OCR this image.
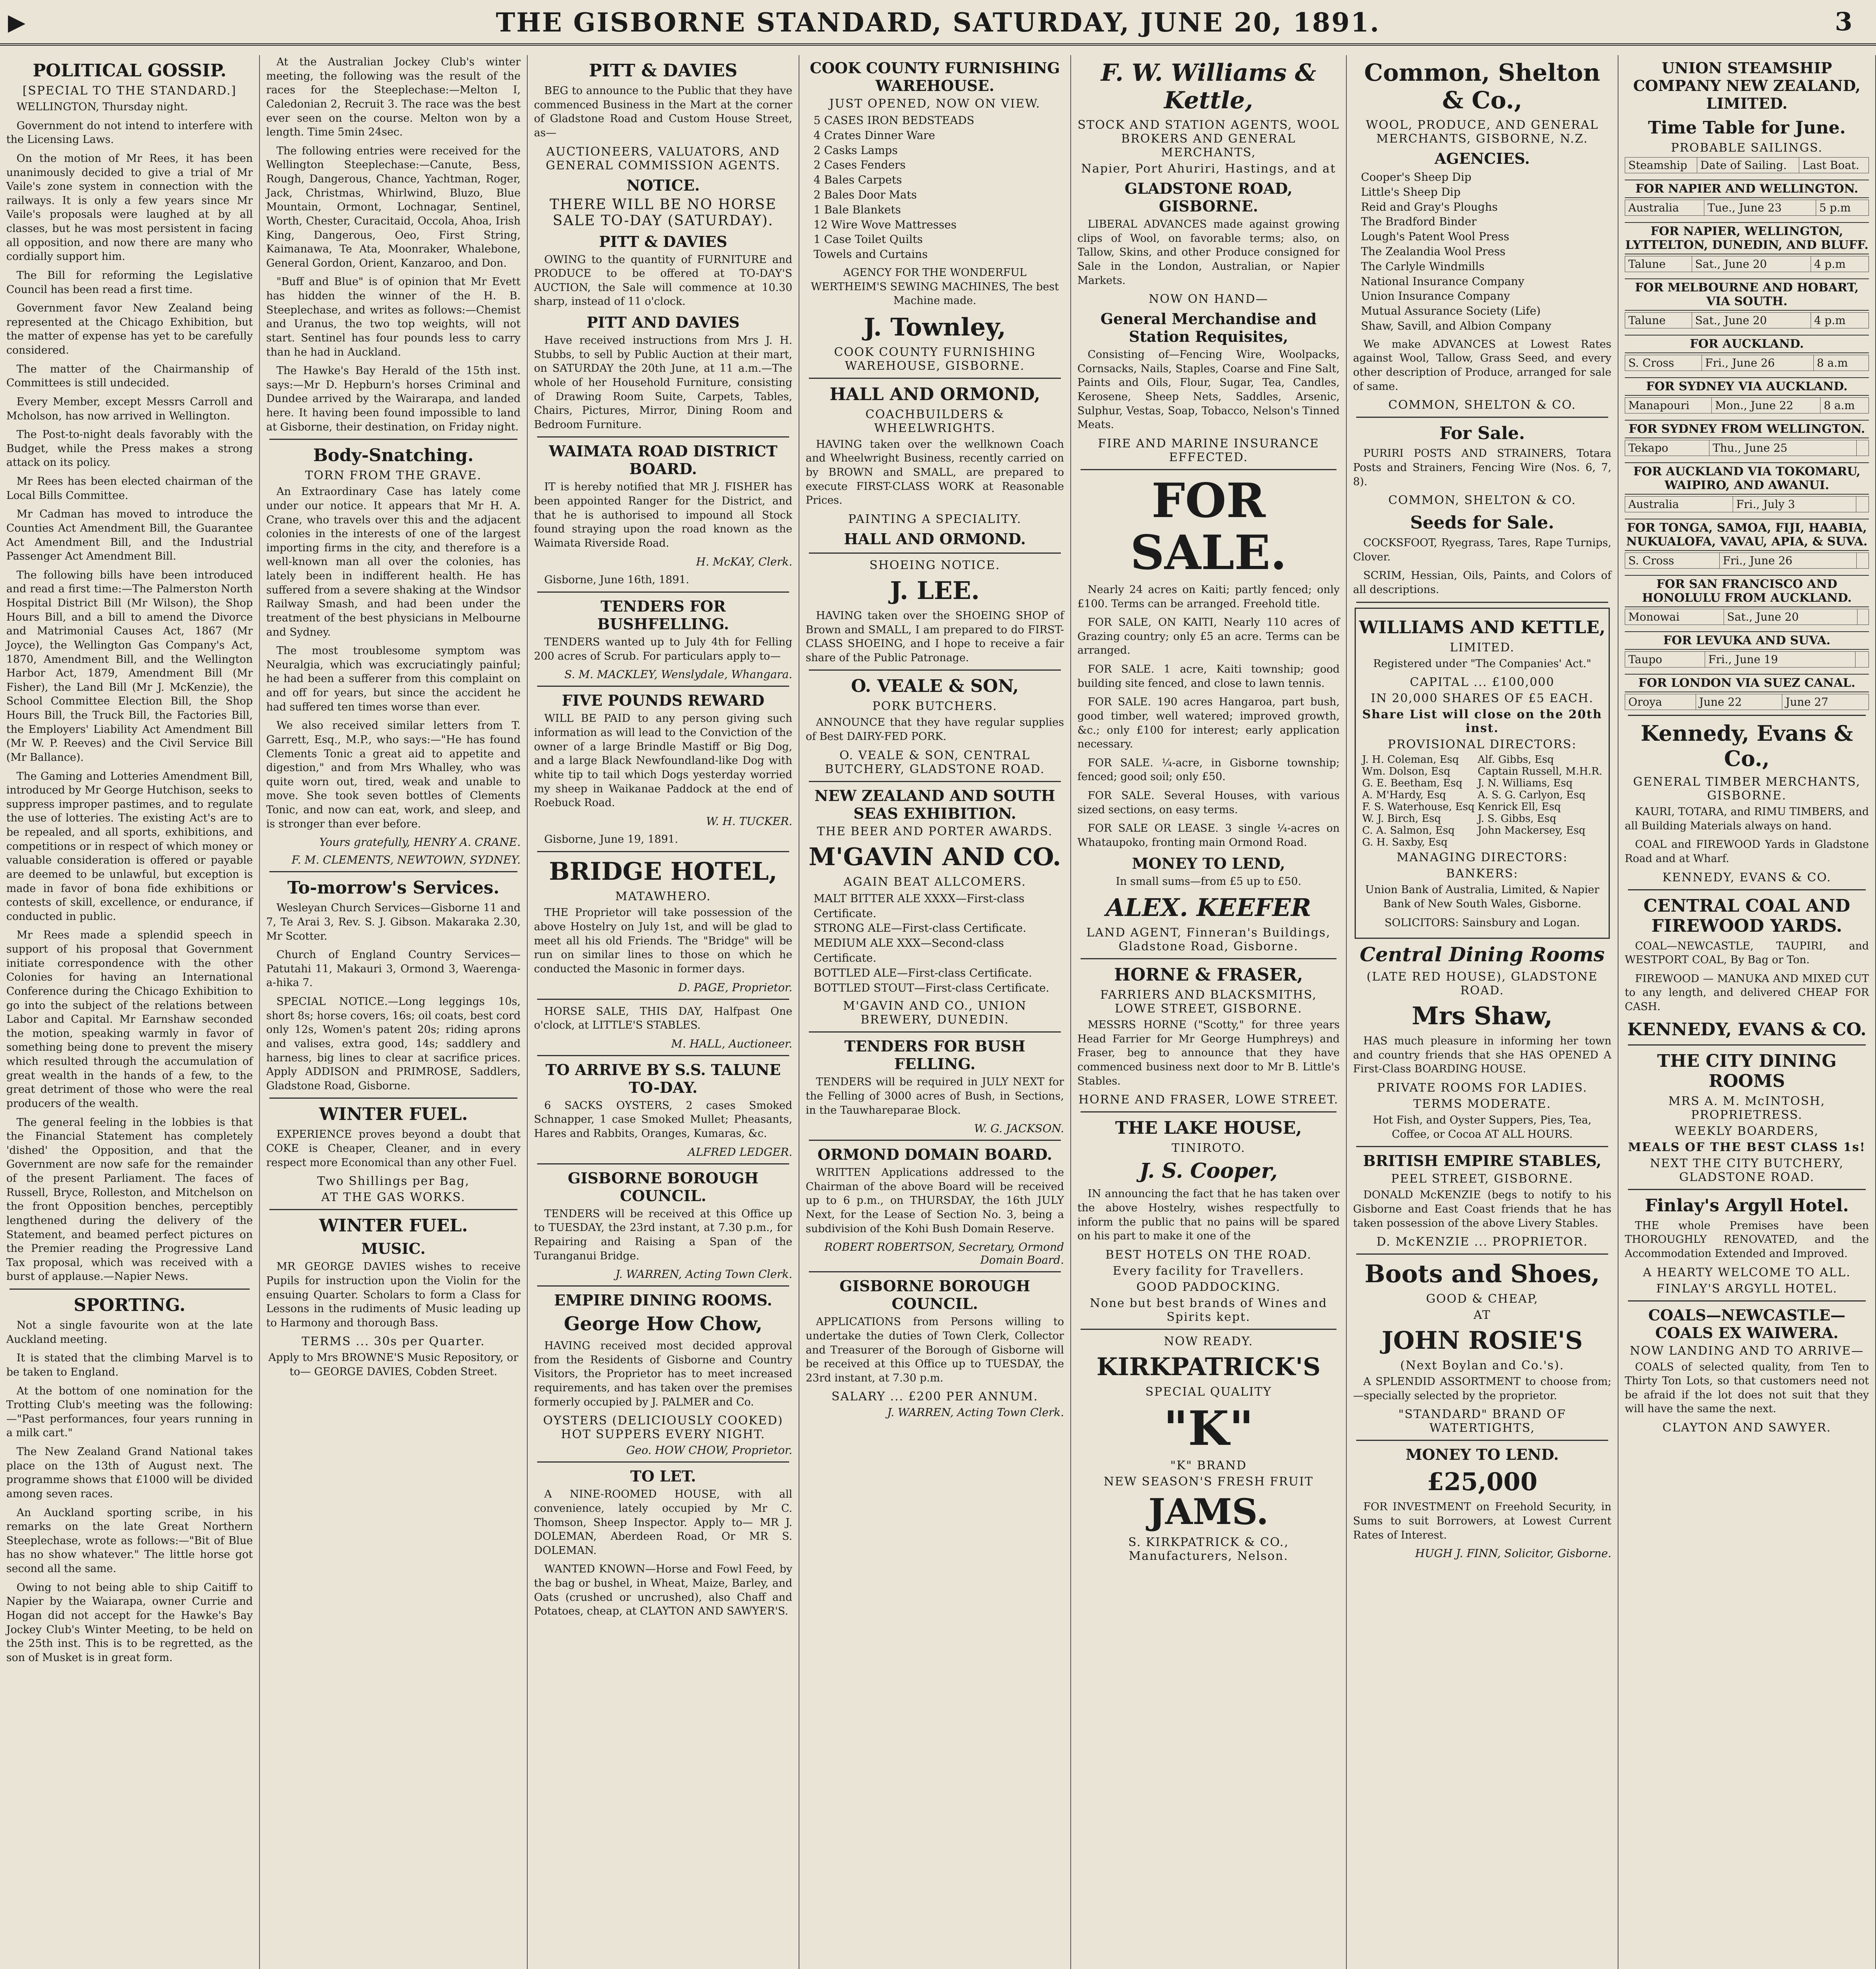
▶	THE GISBORNE STANDARD, SATURDAY, JUNE 20, 1891.	3
POLITICAL GOSSIP.
[SPECIAL TO THE STANDARD.]

WELLINGTON, Thursday night.

Government do not intend to interfere with the Licensing Laws.

On the motion of Mr Rees, it has been unanimously decided to give a trial of Mr Vaile's zone system in connection with the railways. It is only a few years since Mr Vaile's proposals were laughed at by all classes, but he was most persistent in facing all opposition, and now there are many who cordially support him.

The Bill for reforming the Legislative Council has been read a first time.

Government favor New Zealand being represented at the Chicago Exhibition, but the matter of expense has yet to be carefully considered.

The matter of the Chairmanship of Committees is still undecided.

Every Member, except Messrs Carroll and Mcholson, has now arrived in Wellington.

The Post-to-night deals favorably with the Budget, while the Press makes a strong attack on its policy.

Mr Rees has been elected chairman of the Local Bills Committee.

Mr Cadman has moved to introduce the Counties Act Amendment Bill, the Guarantee Act Amendment Bill, and the Industrial Passenger Act Amendment Bill.

The following bills have been introduced and read a first time:—The Palmerston North Hospital District Bill (Mr Wilson), the Shop Hours Bill, and a bill to amend the Divorce and Matrimonial Causes Act, 1867 (Mr Joyce), the Wellington Gas Company's Act, 1870, Amendment Bill, and the Wellington Harbor Act, 1879, Amendment Bill (Mr Fisher), the Land Bill (Mr J. McKenzie), the School Committee Election Bill, the Shop Hours Bill, the Truck Bill, the Factories Bill, the Employers' Liability Act Amendment Bill (Mr W. P. Reeves) and the Civil Service Bill (Mr Ballance).

The Gaming and Lotteries Amendment Bill, introduced by Mr George Hutchison, seeks to suppress improper pastimes, and to regulate the use of lotteries. The existing Act's are to be repealed, and all sports, exhibitions, and competitions or in respect of which money or valuable consideration is offered or payable are deemed to be unlawful, but exception is made in favor of bona fide exhibitions or contests of skill, excellence, or endurance, if conducted in public.

Mr Rees made a splendid speech in support of his proposal that Government initiate correspondence with the other Colonies for having an International Conference during the Chicago Exhibition to go into the subject of the relations between Labor and Capital. Mr Earnshaw seconded the motion, speaking warmly in favor of something being done to prevent the misery which resulted through the accumulation of great wealth in the hands of a few, to the great detriment of those who were the real producers of the wealth.

The general feeling in the lobbies is that the Financial Statement has completely 'dished' the Opposition, and that the Government are now safe for the remainder of the present Parliament. The faces of Russell, Bryce, Rolleston, and Mitchelson on the front Opposition benches, perceptibly lengthened during the delivery of the Statement, and beamed perfect pictures on the Premier reading the Progressive Land Tax proposal, which was received with a burst of applause.—Napier News.

SPORTING.

Not a single favourite won at the late Auckland meeting.

It is stated that the climbing Marvel is to be taken to England.

At the bottom of one nomination for the Trotting Club's meeting was the following:—"Past performances, four years running in a milk cart."

The New Zealand Grand National takes place on the 13th of August next. The programme shows that £1000 will be divided among seven races.

An Auckland sporting scribe, in his remarks on the late Great Northern Steeplechase, wrote as follows:—"Bit of Blue has no show whatever." The little horse got second all the same.

Owing to not being able to ship Caitiff to Napier by the Waiarapa, owner Currie and Hogan did not accept for the Hawke's Bay Jockey Club's Winter Meeting, to be held on the 25th inst. This is to be regretted, as the son of Musket is in great form.

At the Australian Jockey Club's winter meeting, the following was the result of the races for the Steeplechase:—Melton I, Caledonian 2, Recruit 3. The race was the best ever seen on the course. Melton won by a length. Time 5min 24sec.

The following entries were received for the Wellington Steeplechase:—Canute, Bess, Rough, Dangerous, Chance, Yachtman, Roger, Jack, Christmas, Whirlwind, Bluzo, Blue Mountain, Ormont, Lochnagar, Sentinel, Worth, Chester, Curacitaid, Occola, Ahoa, Irish King, Dangerous, Oeo, First String, Kaimanawa, Te Ata, Moonraker, Whalebone, General Gordon, Orient, Kanzaroo, and Don.

"Buff and Blue" is of opinion that Mr Evett has hidden the winner of the H. B. Steeplechase, and writes as follows:—Chemist and Uranus, the two top weights, will not start. Sentinel has four pounds less to carry than he had in Auckland.

The Hawke's Bay Herald of the 15th inst. says:—Mr D. Hepburn's horses Criminal and Dundee arrived by the Wairarapa, and landed here. It having been found impossible to land at Gisborne, their destination, on Friday night.

Body-Snatching.
TORN FROM THE GRAVE.

An Extraordinary Case has lately come under our notice. It appears that Mr H. A. Crane, who travels over this and the adjacent colonies in the interests of one of the largest importing firms in the city, and therefore is a well-known man all over the colonies, has lately been in indifferent health. He has suffered from a severe shaking at the Windsor Railway Smash, and had been under the treatment of the best physicians in Melbourne and Sydney.

The most troublesome symptom was Neuralgia, which was excruciatingly painful; he had been a sufferer from this complaint on and off for years, but since the accident he had suffered ten times worse than ever.

We also received similar letters from T. Garrett, Esq., M.P., who says:—"He has found Clements Tonic a great aid to appetite and digestion," and from Mrs Whalley, who was quite worn out, tired, weak and unable to move. She took seven bottles of Clements Tonic, and now can eat, work, and sleep, and is stronger than ever before.

Yours gratefully, HENRY A. CRANE.
F. M. CLEMENTS, NEWTOWN, SYDNEY.
To-morrow's Services.

Wesleyan Church Services—Gisborne 11 and 7, Te Arai 3, Rev. S. J. Gibson. Makaraka 2.30, Mr Scotter.

Church of England Country Services—Patutahi 11, Makauri 3, Ormond 3, Waerenga-a-hika 7.

SPECIAL NOTICE.—Long leggings 10s, short 8s; horse covers, 16s; oil coats, best cord only 12s, Women's patent 20s; riding aprons and valises, extra good, 14s; saddlery and harness, big lines to clear at sacrifice prices. Apply ADDISON and PRIMROSE, Saddlers, Gladstone Road, Gisborne.

WINTER FUEL.

EXPERIENCE proves beyond a doubt that COKE is Cheaper, Cleaner, and in every respect more Economical than any other Fuel.

Two Shillings per Bag,
AT THE GAS WORKS.
WINTER FUEL.
MUSIC.

MR GEORGE DAVIES wishes to receive Pupils for instruction upon the Violin for the ensuing Quarter. Scholars to form a Class for Lessons in the rudiments of Music leading up to Harmony and thorough Bass.

TERMS ... 30s per Quarter.

Apply to Mrs BROWNE'S Music Repository, or to— GEORGE DAVIES, Cobden Street.

PITT & DAVIES

BEG to announce to the Public that they have commenced Business in the Mart at the corner of Gladstone Road and Custom House Street, as—

AUCTIONEERS, VALUATORS, AND GENERAL COMMISSION AGENTS.
NOTICE.
THERE WILL BE NO HORSE SALE TO-DAY (SATURDAY).
PITT & DAVIES

OWING to the quantity of FURNITURE and PRODUCE to be offered at TO-DAY'S AUCTION, the Sale will commence at 10.30 sharp, instead of 11 o'clock.

PITT AND DAVIES

Have received instructions from Mrs J. H. Stubbs, to sell by Public Auction at their mart, on SATURDAY the 20th June, at 11 a.m.—The whole of her Household Furniture, consisting of Drawing Room Suite, Carpets, Tables, Chairs, Pictures, Mirror, Dining Room and Bedroom Furniture.

WAIMATA ROAD DISTRICT BOARD.

IT is hereby notified that MR J. FISHER has been appointed Ranger for the District, and that he is authorised to impound all Stock found straying upon the road known as the Waimata Riverside Road.

H. McKAY, Clerk.

Gisborne, June 16th, 1891.

TENDERS FOR BUSHFELLING.

TENDERS wanted up to July 4th for Felling 200 acres of Scrub. For particulars apply to—

S. M. MACKLEY, Wenslydale, Whangara.
FIVE POUNDS REWARD

WILL BE PAID to any person giving such information as will lead to the Conviction of the owner of a large Brindle Mastiff or Big Dog, and a large Black Newfoundland-like Dog with white tip to tail which Dogs yesterday worried my sheep in Waikanae Paddock at the end of Roebuck Road.

W. H. TUCKER.

Gisborne, June 19, 1891.

BRIDGE HOTEL,
MATAWHERO.

THE Proprietor will take possession of the above Hostelry on July 1st, and will be glad to meet all his old Friends. The "Bridge" will be run on similar lines to those on which he conducted the Masonic in former days.

D. PAGE, Proprietor.

HORSE SALE, THIS DAY, Halfpast One o'clock, at LITTLE'S STABLES.

M. HALL, Auctioneer.
TO ARRIVE BY S.S. TALUNE TO-DAY.

6 SACKS OYSTERS, 2 cases Smoked Schnapper, 1 case Smoked Mullet; Pheasants, Hares and Rabbits, Oranges, Kumaras, &c.

ALFRED LEDGER.
GISBORNE BOROUGH COUNCIL.

TENDERS will be received at this Office up to TUESDAY, the 23rd instant, at 7.30 p.m., for Repairing and Raising a Span of the Turanganui Bridge.

J. WARREN, Acting Town Clerk.
EMPIRE DINING ROOMS.
George How Chow,

HAVING received most decided approval from the Residents of Gisborne and Country Visitors, the Proprietor has to meet increased requirements, and has taken over the premises formerly occupied by J. PALMER and Co.

OYSTERS (DELICIOUSLY COOKED) HOT SUPPERS EVERY NIGHT.
Geo. HOW CHOW, Proprietor.
TO LET.

A NINE-ROOMED HOUSE, with all convenience, lately occupied by Mr C. Thomson, Sheep Inspector. Apply to— MR J. DOLEMAN, Aberdeen Road, Or MR S. DOLEMAN.

WANTED KNOWN—Horse and Fowl Feed, by the bag or bushel, in Wheat, Maize, Barley, and Oats (crushed or uncrushed), also Chaff and Potatoes, cheap, at CLAYTON AND SAWYER'S.

COOK COUNTY FURNISHING WAREHOUSE.
JUST OPENED, NOW ON VIEW.
5 CASES IRON BEDSTEADS
4 Crates Dinner Ware
2 Casks Lamps
2 Cases Fenders
4 Bales Carpets
2 Bales Door Mats
1 Bale Blankets
12 Wire Wove Mattresses
1 Case Toilet Quilts
Towels and Curtains

AGENCY FOR THE WONDERFUL WERTHEIM'S SEWING MACHINES, The best Machine made.

J. Townley,
COOK COUNTY FURNISHING WAREHOUSE, GISBORNE.
HALL AND ORMOND,
COACHBUILDERS & WHEELWRIGHTS.

HAVING taken over the wellknown Coach and Wheelwright Business, recently carried on by BROWN and SMALL, are prepared to execute FIRST-CLASS WORK at Reasonable Prices.

PAINTING A SPECIALITY.
HALL AND ORMOND.
SHOEING NOTICE.
J. LEE.

HAVING taken over the SHOEING SHOP of Brown and SMALL, I am prepared to do FIRST-CLASS SHOEING, and I hope to receive a fair share of the Public Patronage.

O. VEALE & SON,
PORK BUTCHERS.

ANNOUNCE that they have regular supplies of Best DAIRY-FED PORK.

O. VEALE & SON, CENTRAL BUTCHERY, GLADSTONE ROAD.
NEW ZEALAND AND SOUTH SEAS EXHIBITION.
THE BEER AND PORTER AWARDS.
M'GAVIN AND CO.
AGAIN BEAT ALLCOMERS.
MALT BITTER ALE XXXX—First-class Certificate.
STRONG ALE—First-class Certificate.
MEDIUM ALE XXX—Second-class Certificate.
BOTTLED ALE—First-class Certificate.
BOTTLED STOUT—First-class Certificate.
M'GAVIN AND CO., UNION BREWERY, DUNEDIN.
TENDERS FOR BUSH FELLING.

TENDERS will be required in JULY NEXT for the Felling of 3000 acres of Bush, in Sections, in the Tauwhareparae Block.

W. G. JACKSON.
ORMOND DOMAIN BOARD.

WRITTEN Applications addressed to the Chairman of the above Board will be received up to 6 p.m., on THURSDAY, the 16th JULY Next, for the Lease of Section No. 3, being a subdivision of the Kohi Bush Domain Reserve.

ROBERT ROBERTSON, Secretary, Ormond Domain Board.
GISBORNE BOROUGH COUNCIL.

APPLICATIONS from Persons willing to undertake the duties of Town Clerk, Collector and Treasurer of the Borough of Gisborne will be received at this Office up to TUESDAY, the 23rd instant, at 7.30 p.m.

SALARY ... £200 PER ANNUM.
J. WARREN, Acting Town Clerk.
F. W. Williams & Kettle,
STOCK AND STATION AGENTS, WOOL BROKERS AND GENERAL MERCHANTS,
Napier, Port Ahuriri, Hastings, and at
GLADSTONE ROAD, GISBORNE.

LIBERAL ADVANCES made against growing clips of Wool, on favorable terms; also, on Tallow, Skins, and other Produce consigned for Sale in the London, Australian, or Napier Markets.

NOW ON HAND—
General Merchandise and Station Requisites,

Consisting of—Fencing Wire, Woolpacks, Cornsacks, Nails, Staples, Coarse and Fine Salt, Paints and Oils, Flour, Sugar, Tea, Candles, Kerosene, Sheep Nets, Saddles, Arsenic, Sulphur, Vestas, Soap, Tobacco, Nelson's Tinned Meats.

FIRE AND MARINE INSURANCE EFFECTED.
FOR SALE.

Nearly 24 acres on Kaiti; partly fenced; only £100. Terms can be arranged. Freehold title.

FOR SALE, ON KAITI, Nearly 110 acres of Grazing country; only £5 an acre. Terms can be arranged.

FOR SALE. 1 acre, Kaiti township; good building site fenced, and close to lawn tennis.

FOR SALE. 190 acres Hangaroa, part bush, good timber, well watered; improved growth, &c.; only £100 for interest; early application necessary.

FOR SALE. ¼-acre, in Gisborne township; fenced; good soil; only £50.

FOR SALE. Several Houses, with various sized sections, on easy terms.

FOR SALE OR LEASE. 3 single ¼-acres on Whataupoko, fronting main Ormond Road.

MONEY TO LEND,

In small sums—from £5 up to £50.

ALEX. KEEFER
LAND AGENT, Finneran's Buildings, Gladstone Road, Gisborne.
HORNE & FRASER,
FARRIERS AND BLACKSMITHS, LOWE STREET, GISBORNE.

MESSRS HORNE ("Scotty," for three years Head Farrier for Mr George Humphreys) and Fraser, beg to announce that they have commenced business next door to Mr B. Little's Stables.

HORNE AND FRASER, LOWE STREET.
THE LAKE HOUSE,
TINIROTO.
J. S. Cooper,

IN announcing the fact that he has taken over the above Hostelry, wishes respectfully to inform the public that no pains will be spared on his part to make it one of the

BEST HOTELS ON THE ROAD.
Every facility for Travellers.
GOOD PADDOCKING.
None but best brands of Wines and Spirits kept.
NOW READY.
KIRKPATRICK'S
SPECIAL QUALITY
"K"
"K" BRAND
NEW SEASON'S FRESH FRUIT
JAMS.
S. KIRKPATRICK & CO., Manufacturers, Nelson.
Common, Shelton & Co.,
WOOL, PRODUCE, AND GENERAL MERCHANTS, GISBORNE, N.Z.
AGENCIES.
Cooper's Sheep Dip
Little's Sheep Dip
Reid and Gray's Ploughs
The Bradford Binder
Lough's Patent Wool Press
The Zealandia Wool Press
The Carlyle Windmills
National Insurance Company
Union Insurance Company
Mutual Assurance Society (Life)
Shaw, Savill, and Albion Company

We make ADVANCES at Lowest Rates against Wool, Tallow, Grass Seed, and every other description of Produce, arranged for sale of same.

COMMON, SHELTON & CO.
For Sale.

PURIRI POSTS AND STRAINERS, Totara Posts and Strainers, Fencing Wire (Nos. 6, 7, 8).

COMMON, SHELTON & CO.
Seeds for Sale.

COCKSFOOT, Ryegrass, Tares, Rape Turnips, Clover.

SCRIM, Hessian, Oils, Paints, and Colors of all descriptions.

WILLIAMS AND KETTLE,
LIMITED.

Registered under "The Companies' Act."

CAPITAL ... £100,000
IN 20,000 SHARES OF £5 EACH.
Share List will close on the 20th inst.
PROVISIONAL DIRECTORS:
J. H. Coleman, Esq
Wm. Dolson, Esq
G. E. Beetham, Esq
A. M'Hardy, Esq
F. S. Waterhouse, Esq
W. J. Birch, Esq
C. A. Salmon, Esq
G. H. Saxby, Esq
Alf. Gibbs, Esq
Captain Russell, M.H.R.
J. N. Williams, Esq
A. S. G. Carlyon, Esq
Kenrick Ell, Esq
J. S. Gibbs, Esq
John Mackersey, Esq
MANAGING DIRECTORS:
BANKERS:

Union Bank of Australia, Limited, & Napier Bank of New South Wales, Gisborne.

SOLICITORS: Sainsbury and Logan.

Central Dining Rooms
(LATE RED HOUSE), GLADSTONE ROAD.
Mrs Shaw,

HAS much pleasure in informing her town and country friends that she HAS OPENED A First-Class BOARDING HOUSE.

PRIVATE ROOMS FOR LADIES.
TERMS MODERATE.

Hot Fish, and Oyster Suppers, Pies, Tea, Coffee, or Cocoa AT ALL HOURS.

BRITISH EMPIRE STABLES,
PEEL STREET, GISBORNE.

DONALD McKENZIE (begs to notify to his Gisborne and East Coast friends that he has taken possession of the above Livery Stables.

D. McKENZIE ... PROPRIETOR.
Boots and Shoes,
GOOD & CHEAP,
AT
JOHN ROSIE'S
(Next Boylan and Co.'s).

A SPLENDID ASSORTMENT to choose from;—specially selected by the proprietor.

"STANDARD" BRAND OF WATERTIGHTS,
MONEY TO LEND.
£25,000

FOR INVESTMENT on Freehold Security, in Sums to suit Borrowers, at Lowest Current Rates of Interest.

HUGH J. FINN, Solicitor, Gisborne.
UNION STEAMSHIP COMPANY NEW ZEALAND, LIMITED.
Time Table for June.
PROBABLE SAILINGS.
Steamship	Date of Sailing.	Last Boat.
FOR NAPIER AND WELLINGTON.
Australia	Tue., June 23	5 p.m
FOR NAPIER, WELLINGTON, LYTTELTON, DUNEDIN, AND BLUFF.
Talune	Sat., June 20	4 p.m
FOR MELBOURNE AND HOBART, VIA SOUTH.
Talune	Sat., June 20	4 p.m
FOR AUCKLAND.
S. Cross	Fri., June 26	8 a.m
FOR SYDNEY VIA AUCKLAND.
Manapouri	Mon., June 22	8 a.m
FOR SYDNEY FROM WELLINGTON.
Tekapo	Thu., June 25	
FOR AUCKLAND VIA TOKOMARU, WAIPIRO, AND AWANUI.
Australia	Fri., July 3	
FOR TONGA, SAMOA, FIJI, HAABIA, NUKUALOFA, VAVAU, APIA, & SUVA.
S. Cross	Fri., June 26	
FOR SAN FRANCISCO AND HONOLULU FROM AUCKLAND.
Monowai	Sat., June 20	
FOR LEVUKA AND SUVA.
Taupo	Fri., June 19	
FOR LONDON VIA SUEZ CANAL.
Oroya	June 22	June 27
Kennedy, Evans & Co.,
GENERAL TIMBER MERCHANTS, GISBORNE.

KAURI, TOTARA, and RIMU TIMBERS, and all Building Materials always on hand.

COAL and FIREWOOD Yards in Gladstone Road and at Wharf.

KENNEDY, EVANS & CO.
CENTRAL COAL AND FIREWOOD YARDS.

COAL—NEWCASTLE, TAUPIRI, and WESTPORT COAL, By Bag or Ton.

FIREWOOD — MANUKA AND MIXED CUT to any length, and delivered CHEAP FOR CASH.

KENNEDY, EVANS & CO.
THE CITY DINING ROOMS
MRS A. M. McINTOSH, PROPRIETRESS.
WEEKLY BOARDERS,
MEALS OF THE BEST CLASS 1s!
NEXT THE CITY BUTCHERY, GLADSTONE ROAD.
Finlay's Argyll Hotel.

THE whole Premises have been THOROUGHLY RENOVATED, and the Accommodation Extended and Improved.

A HEARTY WELCOME TO ALL.
FINLAY'S ARGYLL HOTEL.
COALS—NEWCASTLE—COALS EX WAIWERA.
NOW LANDING AND TO ARRIVE—

COALS of selected quality, from Ten to Thirty Ton Lots, so that customers need not be afraid if the lot does not suit that they will have the same the next.

CLAYTON AND SAWYER.
